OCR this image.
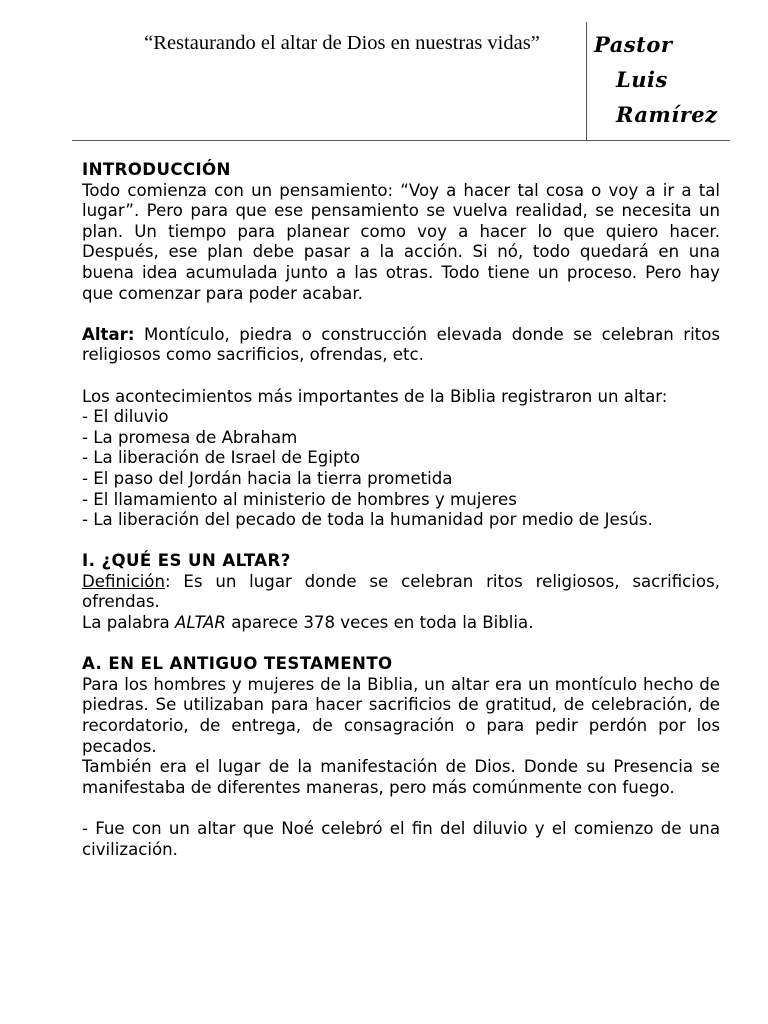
“Restaurando el altar de Dios en nuestras vidas”	Pastor
Luis
Ramírez

INTRODUCCIÓN

Todo comienza con un pensamiento: “Voy a hacer tal cosa o voy a ir a tal lugar”. Pero para que ese pensamiento se vuelva realidad, se necesita un plan. Un tiempo para planear como voy a hacer lo que quiero hacer. Después, ese plan debe pasar a la acción. Si nó, todo quedará en una buena idea acumulada junto a las otras. Todo tiene un proceso. Pero hay que comenzar para poder acabar.

Altar: Montículo, piedra o construcción elevada donde se celebran ritos religiosos como sacrificios, ofrendas, etc.

Los acontecimientos más importantes de la Biblia registraron un altar:

- El diluvio
- La promesa de Abraham
- La liberación de Israel de Egipto
- El paso del Jordán hacia la tierra prometida
- El llamamiento al ministerio de hombres y mujeres
- La liberación del pecado de toda la humanidad por medio de Jesús.

I. ¿QUÉ ES UN ALTAR?

Definición: Es un lugar donde se celebran ritos religiosos, sacrificios, ofrendas.

La palabra ALTAR aparece 378 veces en toda la Biblia.

A. EN EL ANTIGUO TESTAMENTO

Para los hombres y mujeres de la Biblia, un altar era un montículo hecho de piedras. Se utilizaban para hacer sacrificios de gratitud, de celebración, de recordatorio, de entrega, de consagración o para pedir perdón por los pecados.

También era el lugar de la manifestación de Dios. Donde su Presencia se manifestaba de diferentes maneras, pero más comúnmente con fuego.

- Fue con un altar que Noé celebró el fin del diluvio y el comienzo de una civilización.
